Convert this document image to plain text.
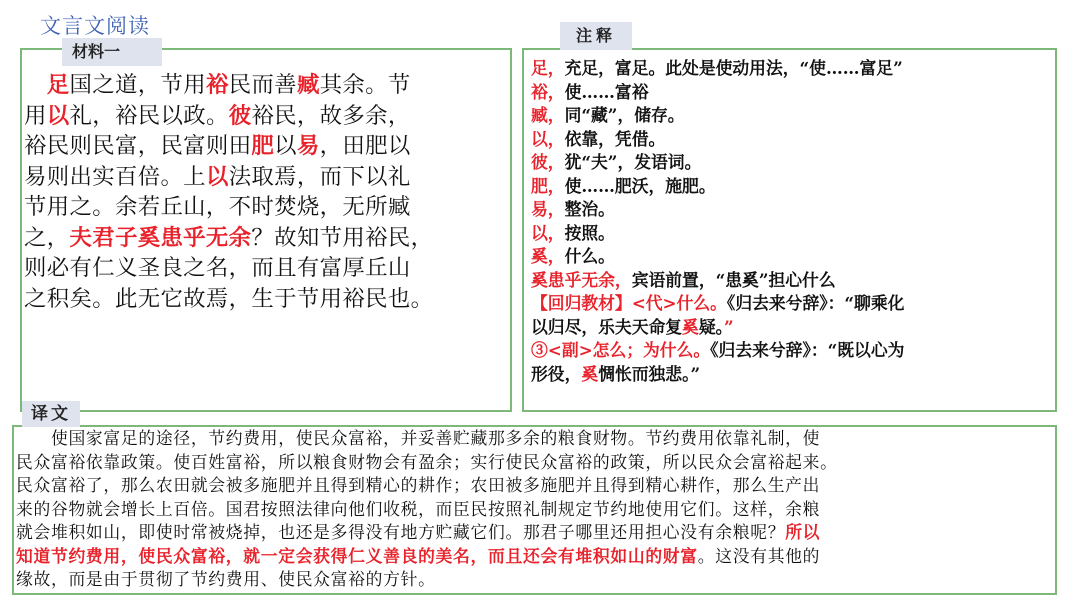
文言文阅读
材料一
　足国之道，节用裕民而善臧其余。节
用以礼，裕民以政。彼裕民，故多余，
裕民则民富，民富则田肥以易，田肥以
易则出实百倍。上以法取焉，而下以礼
节用之。余若丘山，不时焚烧，无所臧
之，夫君子奚患乎无余？故知节用裕民，
则必有仁义圣良之名，而且有富厚丘山
之积矣。此无它故焉，生于节用裕民也。
注释
足，充足，富足。此处是使动用法，“使……富足”
裕，使……富裕
臧，同“藏”，储存。
以，依靠，凭借。
彼，犹“夫”，发语词。
肥，使……肥沃，施肥。
易，整治。
以，按照。
奚，什么。
奚患乎无余，宾语前置，“患奚”担心什么
【回归教材】<代>什么。《归去来兮辞》：“聊乘化
以归尽，乐夫天命复奚疑。”
③<副>怎么；为什么。《归去来兮辞》：“既以心为
形役，奚惆怅而独悲。”
译文
　　使国家富足的途径，节约费用，使民众富裕，并妥善贮藏那多余的粮食财物。节约费用依靠礼制，使
民众富裕依靠政策。使百姓富裕，所以粮食财物会有盈余；实行使民众富裕的政策，所以民众会富裕起来。
民众富裕了，那么农田就会被多施肥并且得到精心的耕作；农田被多施肥并且得到精心耕作，那么生产出
来的谷物就会增长上百倍。国君按照法律向他们收税，而臣民按照礼制规定节约地使用它们。这样，余粮
就会堆积如山，即使时常被烧掉，也还是多得没有地方贮藏它们。那君子哪里还用担心没有余粮呢？所以
知道节约费用，使民众富裕，就一定会获得仁义善良的美名，而且还会有堆积如山的财富。这没有其他的
缘故，而是由于贯彻了节约费用、使民众富裕的方针。
